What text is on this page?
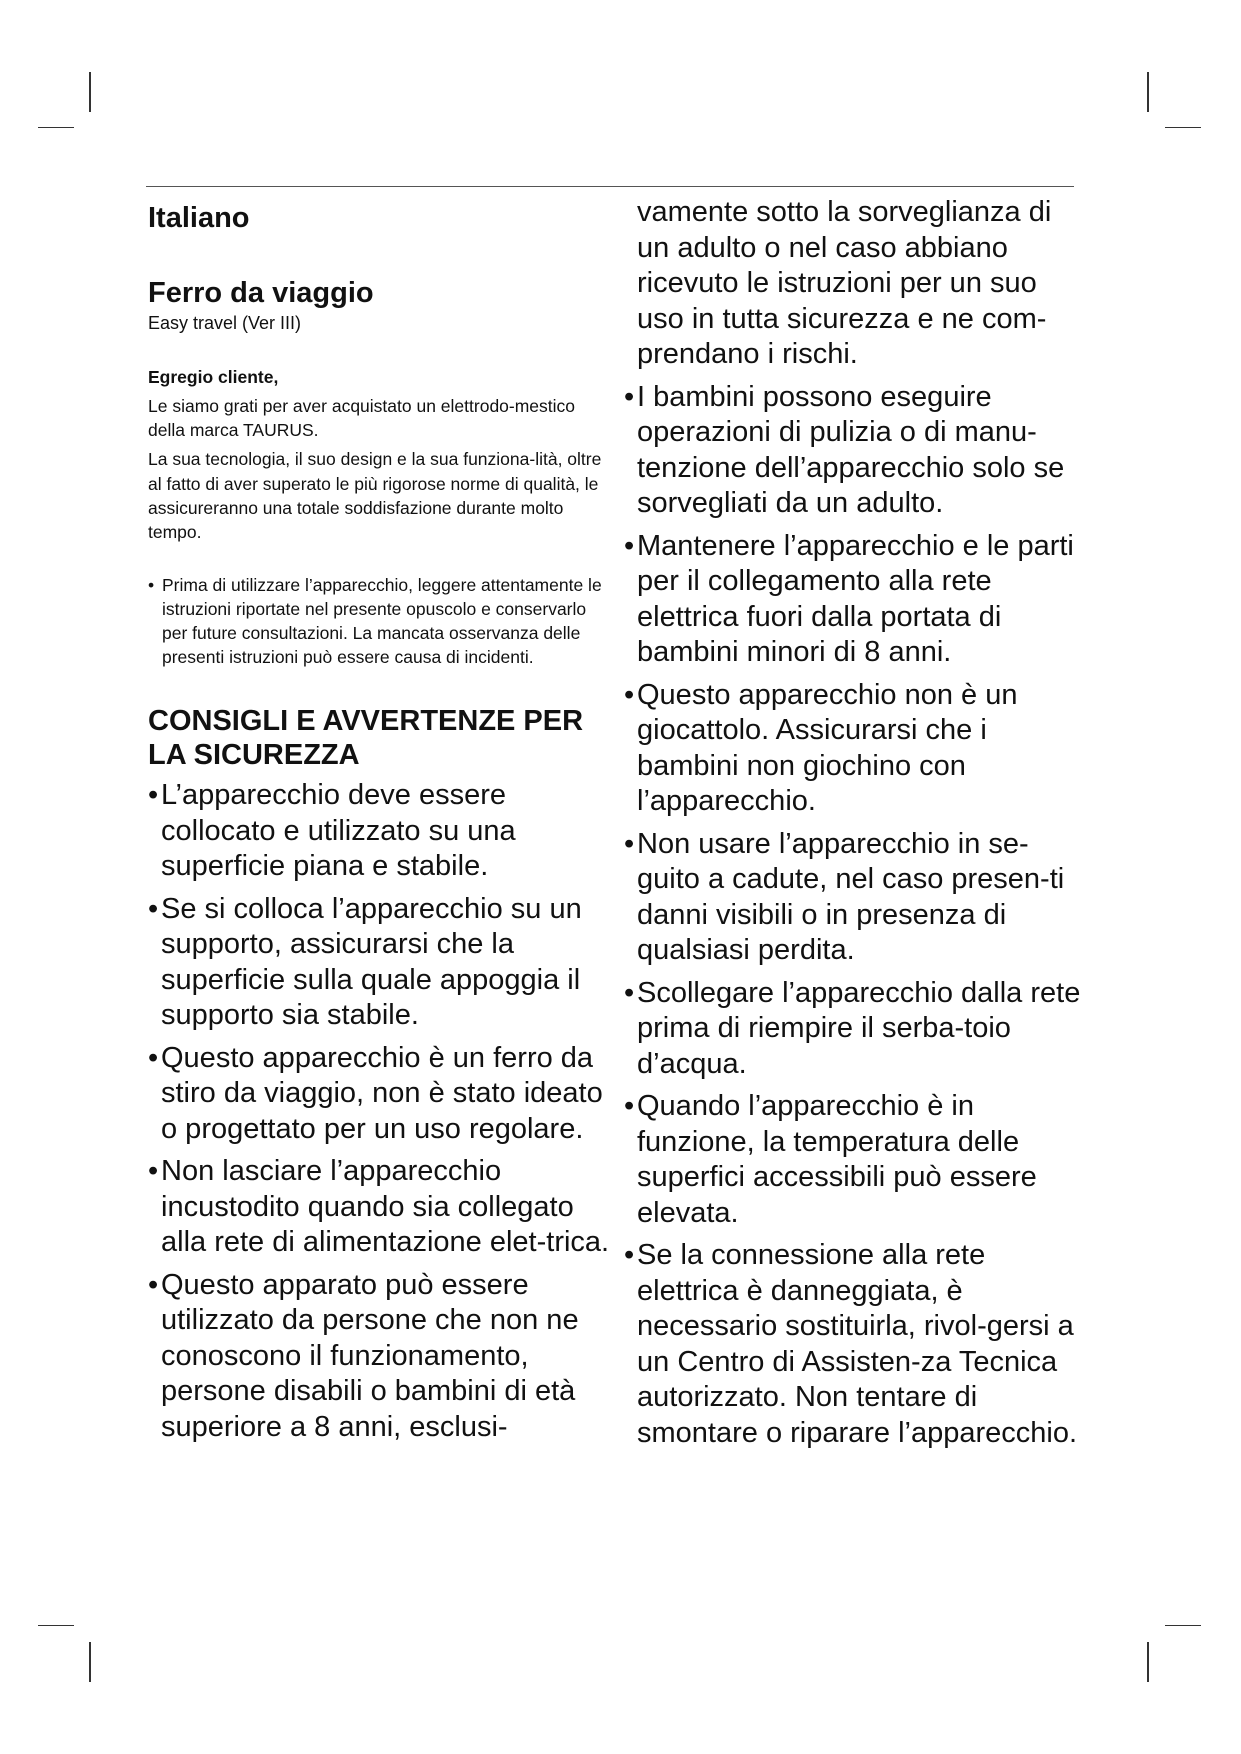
Italiano
Ferro da viaggio
Easy travel (Ver III)
Egregio cliente,

Le siamo grati per aver acquistato un elettrodo-mestico della marca TAURUS.

La sua tecnologia, il suo design e la sua funziona-lità, oltre al fatto di aver superato le più rigorose norme di qualità, le assicureranno una totale soddisfazione durante molto tempo.

• Prima di utilizzare l’apparecchio, leggere attentamente le istruzioni riportate nel presente opuscolo e conservarlo per future consultazioni. La mancata osservanza delle presenti istruzioni può essere causa di incidenti.
CONSIGLI E AVVERTENZE PER LA SICUREZZA
• L’apparecchio deve essere collocato e utilizzato su una superficie piana e stabile.
• Se si colloca l’apparecchio su un supporto, assicurarsi che la superficie sulla quale appoggia il supporto sia stabile.
• Questo apparecchio è un ferro da stiro da viaggio, non è stato ideato o progettato per un uso regolare.
• Non lasciare l’apparecchio incustodito quando sia collegato alla rete di alimentazione elet-trica.
• Questo apparato può essere utilizzato da persone che non ne conoscono il funzionamento, persone disabili o bambini di età superiore a 8 anni, esclusi-
vamente sotto la sorveglianza di un adulto o nel caso abbiano ricevuto le istruzioni per un suo uso in tutta sicurezza e ne com-prendano i rischi.
• I bambini possono eseguire operazioni di pulizia o di manu-tenzione dell’apparecchio solo se sorvegliati da un adulto.
• Mantenere l’apparecchio e le parti per il collegamento alla rete elettrica fuori dalla portata di bambini minori di 8 anni.
• Questo apparecchio non è un giocattolo. Assicurarsi che i bambini non giochino con l’apparecchio.
• Non usare l’apparecchio in se-guito a cadute, nel caso presen-ti danni visibili o in presenza di qualsiasi perdita.
• Scollegare l’apparecchio dalla rete prima di riempire il serba-toio d’acqua.
• Quando l’apparecchio è in funzione, la temperatura delle superfici accessibili può essere elevata.
• Se la connessione alla rete elettrica è danneggiata, è necessario sostituirla, rivol-gersi a un Centro di Assisten-za Tecnica autorizzato. Non tentare di smontare o riparare l’apparecchio.
